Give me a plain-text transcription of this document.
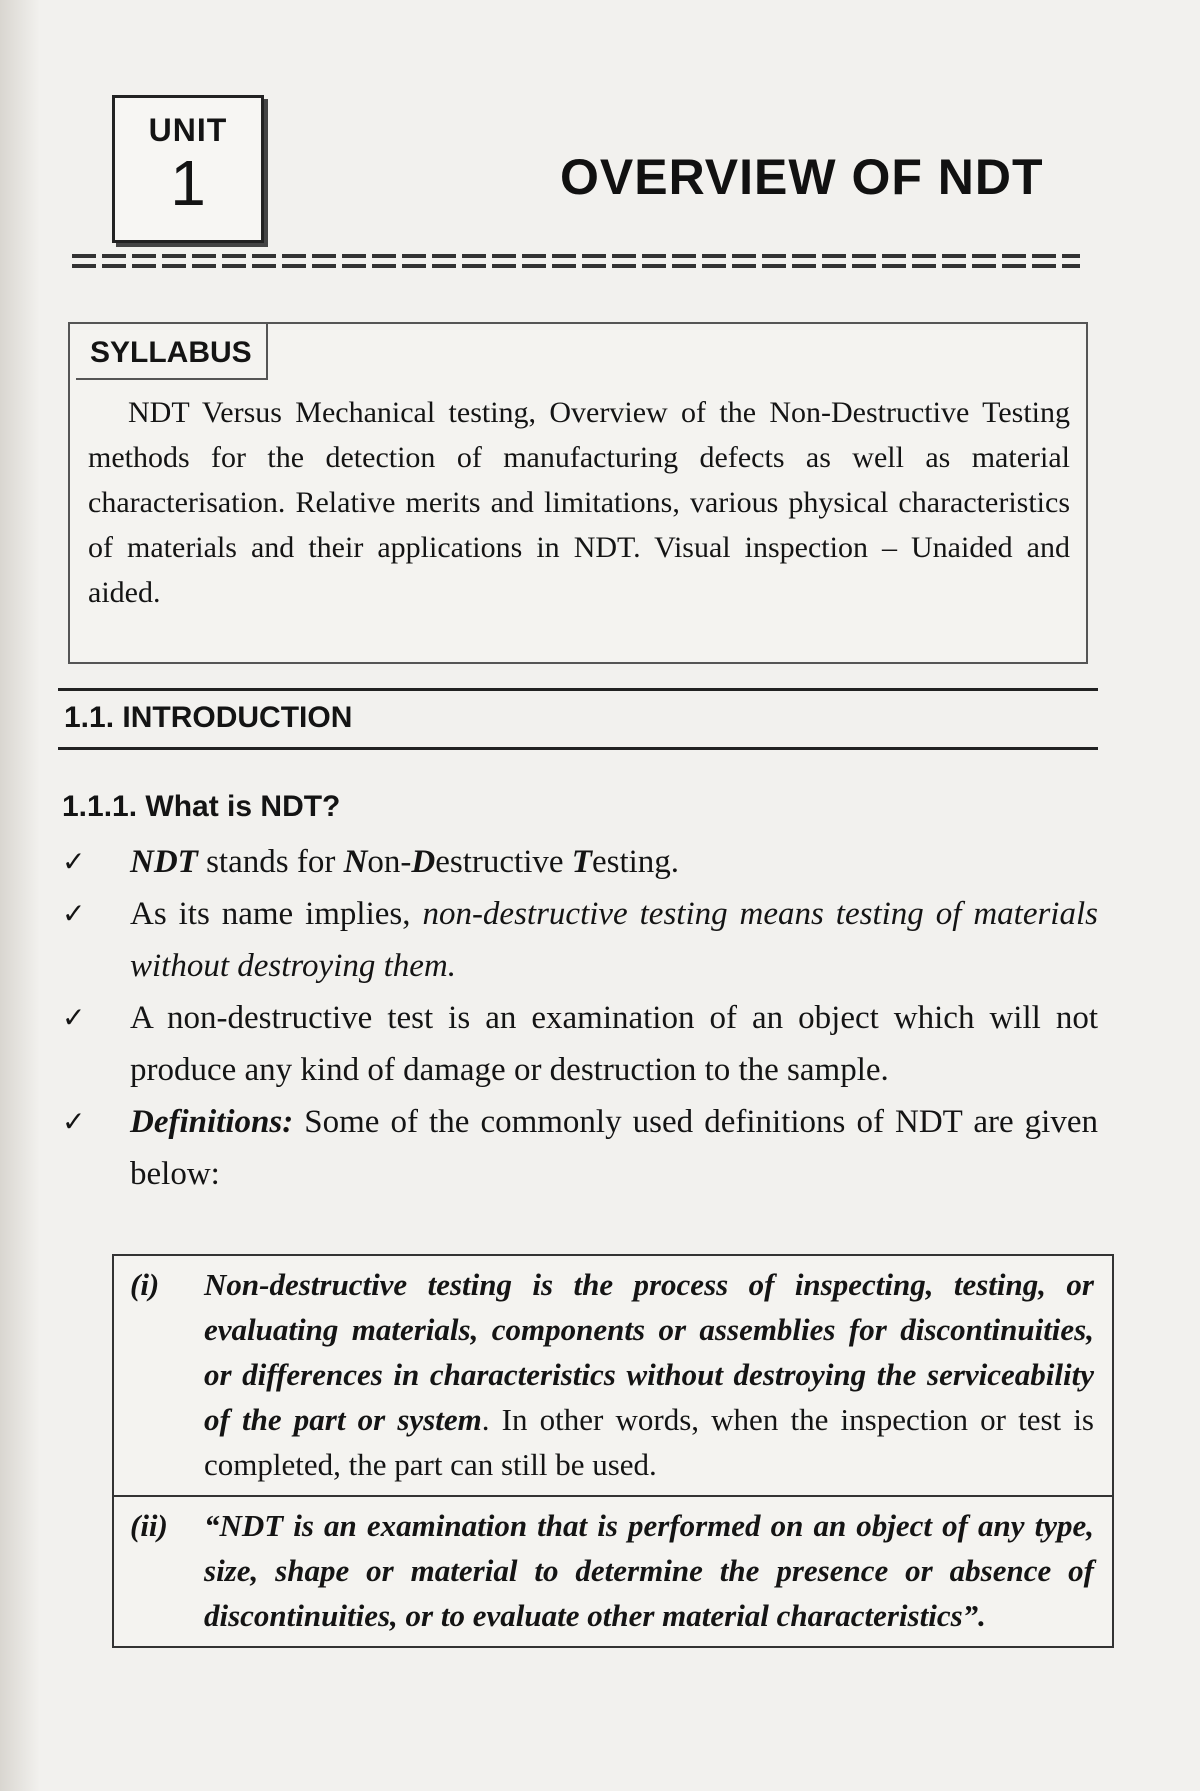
UNIT
1	OVERVIEW OF NDT
SYLLABUS
NDT Versus Mechanical testing, Overview of the Non-Destructive Testing methods for the detection of manufacturing defects as well as material characterisation. Relative merits and limitations, various physical characteristics of materials and their applications in NDT. Visual inspection – Unaided and aided.
1.1. INTRODUCTION
1.1.1. What is NDT?
✓ NDT stands for Non-Destructive Testing.
✓ As its name implies, non-destructive testing means testing of materials without destroying them.
✓ A non-destructive test is an examination of an object which will not produce any kind of damage or destruction to the sample.
✓ Definitions: Some of the commonly used definitions of NDT are given below:
(i) Non-destructive testing is the process of inspecting, testing, or evaluating materials, components or assemblies for discontinuities, or differences in characteristics without destroying the serviceability of the part or system. In other words, when the inspection or test is completed, the part can still be used.
(ii) “NDT is an examination that is performed on an object of any type, size, shape or material to determine the presence or absence of discontinuities, or to evaluate other material characteristics”.
